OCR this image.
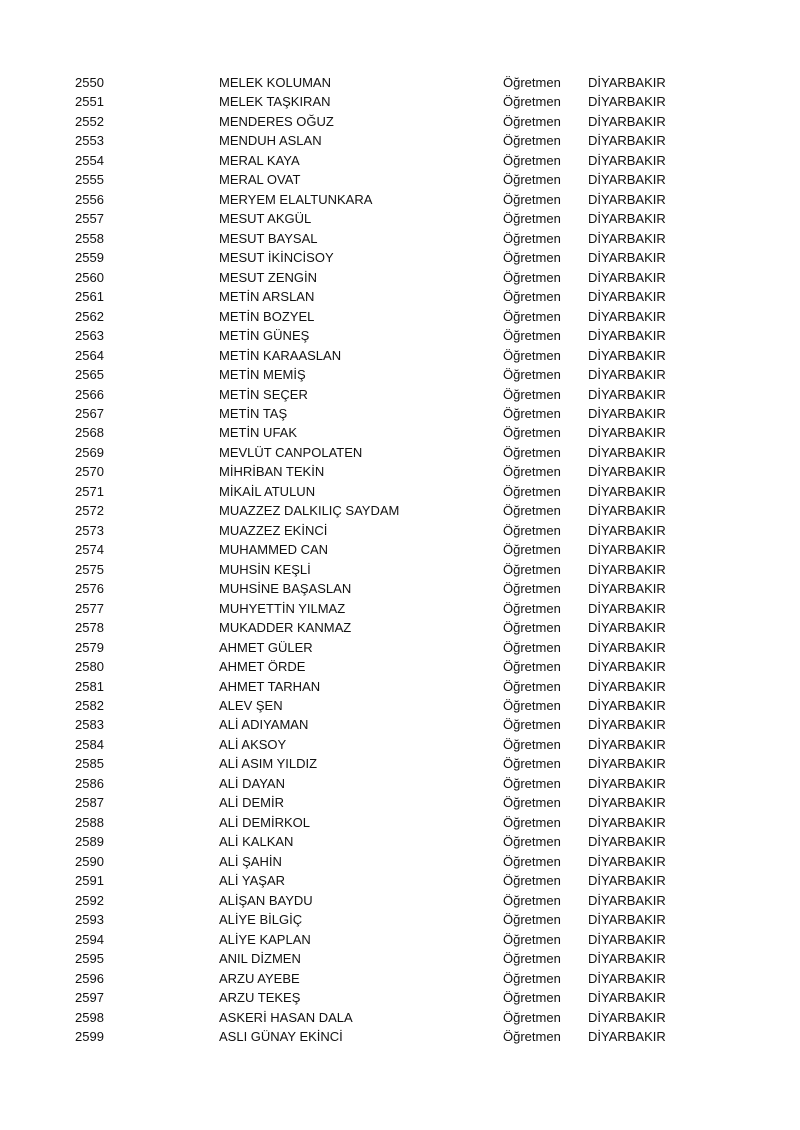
2550	MELEK KOLUMAN	Öğretmen DİYARBAKIR
2551	MELEK TAŞKIRAN	Öğretmen DİYARBAKIR
2552	MENDERES OĞUZ	Öğretmen DİYARBAKIR
2553	MENDUH ASLAN	Öğretmen DİYARBAKIR
2554	MERAL KAYA	Öğretmen DİYARBAKIR
2555	MERAL OVAT	Öğretmen DİYARBAKIR
2556	MERYEM ELALTUNKARA	Öğretmen DİYARBAKIR
2557	MESUT AKGÜL	Öğretmen DİYARBAKIR
2558	MESUT BAYSAL	Öğretmen DİYARBAKIR
2559	MESUT İKİNCİSOY	Öğretmen DİYARBAKIR
2560	MESUT ZENGİN	Öğretmen DİYARBAKIR
2561	METİN ARSLAN	Öğretmen DİYARBAKIR
2562	METİN BOZYEL	Öğretmen DİYARBAKIR
2563	METİN GÜNEŞ	Öğretmen DİYARBAKIR
2564	METİN KARAASLAN	Öğretmen DİYARBAKIR
2565	METİN MEMİŞ	Öğretmen DİYARBAKIR
2566	METİN SEÇER	Öğretmen DİYARBAKIR
2567	METİN TAŞ	Öğretmen DİYARBAKIR
2568	METİN UFAK	Öğretmen DİYARBAKIR
2569	MEVLÜT CANPOLATEN	Öğretmen DİYARBAKIR
2570	MİHRİBAN TEKİN	Öğretmen DİYARBAKIR
2571	MİKAİL ATULUN	Öğretmen DİYARBAKIR
2572	MUAZZEZ DALKILIÇ SAYDAM	Öğretmen DİYARBAKIR
2573	MUAZZEZ EKİNCİ	Öğretmen DİYARBAKIR
2574	MUHAMMED CAN	Öğretmen DİYARBAKIR
2575	MUHSİN KEŞLİ	Öğretmen DİYARBAKIR
2576	MUHSİNE BAŞASLAN	Öğretmen DİYARBAKIR
2577	MUHYETTİN YILMAZ	Öğretmen DİYARBAKIR
2578	MUKADDER KANMAZ	Öğretmen DİYARBAKIR
2579	AHMET GÜLER	Öğretmen DİYARBAKIR
2580	AHMET ÖRDE	Öğretmen DİYARBAKIR
2581	AHMET TARHAN	Öğretmen DİYARBAKIR
2582	ALEV ŞEN	Öğretmen DİYARBAKIR
2583	ALİ ADIYAMAN	Öğretmen DİYARBAKIR
2584	ALİ AKSOY	Öğretmen DİYARBAKIR
2585	ALİ ASIM YILDIZ	Öğretmen DİYARBAKIR
2586	ALİ DAYAN	Öğretmen DİYARBAKIR
2587	ALİ DEMİR	Öğretmen DİYARBAKIR
2588	ALİ DEMİRKOL	Öğretmen DİYARBAKIR
2589	ALİ KALKAN	Öğretmen DİYARBAKIR
2590	ALİ ŞAHİN	Öğretmen DİYARBAKIR
2591	ALİ YAŞAR	Öğretmen DİYARBAKIR
2592	ALİŞAN BAYDU	Öğretmen DİYARBAKIR
2593	ALİYE BİLGİÇ	Öğretmen DİYARBAKIR
2594	ALİYE KAPLAN	Öğretmen DİYARBAKIR
2595	ANIL DİZMEN	Öğretmen DİYARBAKIR
2596	ARZU AYEBE	Öğretmen DİYARBAKIR
2597	ARZU TEKEŞ	Öğretmen DİYARBAKIR
2598	ASKERİ HASAN DALA	Öğretmen DİYARBAKIR
2599	ASLI GÜNAY EKİNCİ	Öğretmen DİYARBAKIR
